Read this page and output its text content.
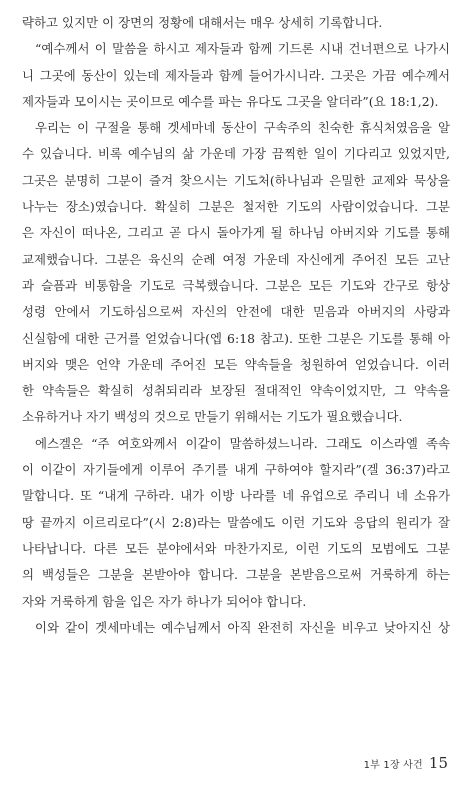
략하고 있지만 이 장면의 정황에 대해서는 매우 상세히 기록합니다.

“예수께서 이 말씀을 하시고 제자들과 함께 기드론 시내 건너편으로 나가시
니 그곳에 동산이 있는데 제자들과 함께 들어가시니라. 그곳은 가끔 예수께서
제자들과 모이시는 곳이므로 예수를 파는 유다도 그곳을 알더라”(요 18:1,2).

우리는 이 구절을 통해 겟세마네 동산이 구속주의 친숙한 휴식처였음을 알
수 있습니다. 비록 예수님의 삶 가운데 가장 끔찍한 일이 기다리고 있었지만,
그곳은 분명히 그분이 즐겨 찾으시는 기도처(하나님과 은밀한 교제와 묵상을
나누는 장소)였습니다. 확실히 그분은 철저한 기도의 사람이었습니다. 그분
은 자신이 떠나온, 그리고 곧 다시 돌아가게 될 하나님 아버지와 기도를 통해
교제했습니다. 그분은 육신의 순례 여정 가운데 자신에게 주어진 모든 고난
과 슬픔과 비통함을 기도로 극복했습니다. 그분은 모든 기도와 간구로 항상
성령 안에서 기도하심으로써 자신의 안전에 대한 믿음과 아버지의 사랑과
신실함에 대한 근거를 얻었습니다(엡 6:18 참고). 또한 그분은 기도를 통해 아
버지와 맺은 언약 가운데 주어진 모든 약속들을 청원하여 얻었습니다. 이러
한 약속들은 확실히 성취되리라 보장된 절대적인 약속이었지만, 그 약속을
소유하거나 자기 백성의 것으로 만들기 위해서는 기도가 필요했습니다.

에스겔은 “주 여호와께서 이같이 말씀하셨느니라. 그래도 이스라엘 족속
이 이같이 자기들에게 이루어 주기를 내게 구하여야 할지라”(겔 36:37)라고
말합니다. 또 “내게 구하라. 내가 이방 나라를 네 유업으로 주리니 네 소유가
땅 끝까지 이르리로다”(시 2:8)라는 말씀에도 이런 기도와 응답의 원리가 잘
나타납니다. 다른 모든 분야에서와 마찬가지로, 이런 기도의 모범에도 그분
의 백성들은 그분을 본받아야 합니다. 그분을 본받음으로써 거룩하게 하는
자와 거룩하게 함을 입은 자가 하나가 되어야 합니다.

이와 같이 겟세마네는 예수님께서 아직 완전히 자신을 비우고 낮아지신 상

1부 1장 사건 15
